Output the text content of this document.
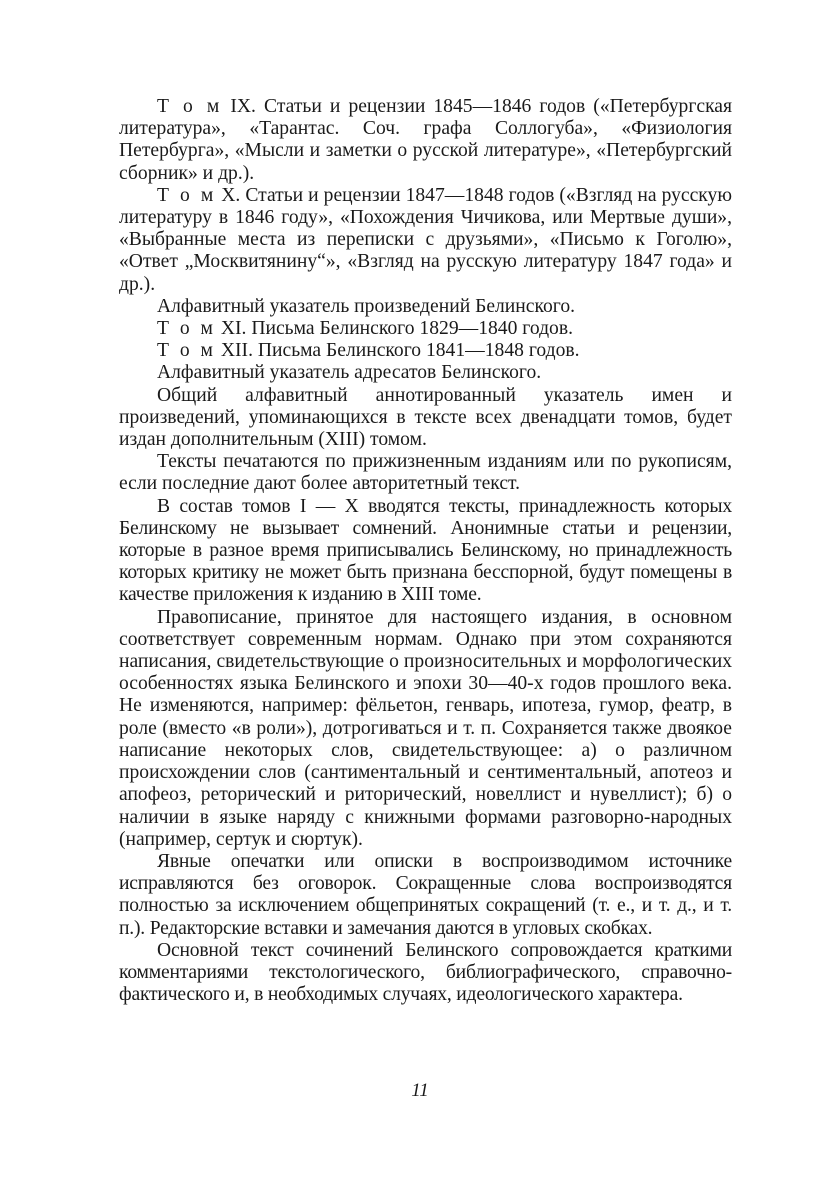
Т о м IX. Статьи и рецензии 1845—1846 годов («Петербургская литература», «Тарантас. Соч. графа Соллогуба», «Физиология Петербурга», «Мысли и заметки о русской литературе», «Петербургский сборник» и др.).

Т о м X. Статьи и рецензии 1847—1848 годов («Взгляд на русскую литературу в 1846 году», «Похождения Чичикова, или Мертвые души», «Выбранные места из переписки с друзьями», «Письмо к Гоголю», «Ответ „Москвитянину“», «Взгляд на русскую литературу 1847 года» и др.).

Алфавитный указатель произведений Белинского.

Т о м XI. Письма Белинского 1829—1840 годов.

Т о м XII. Письма Белинского 1841—1848 годов.

Алфавитный указатель адресатов Белинского.

Общий алфавитный аннотированный указатель имен и произведений, упоминающихся в тексте всех двенадцати томов, будет издан дополнительным (XIII) томом.

Тексты печатаются по прижизненным изданиям или по рукописям, если последние дают более авторитетный текст.

В состав томов I — X вводятся тексты, принадлежность которых Белинскому не вызывает сомнений. Анонимные статьи и рецензии, которые в разное время приписывались Белинскому, но принадлежность которых критику не может быть признана бесспорной, будут помещены в качестве приложения к изданию в XIII томе.

Правописание, принятое для настоящего издания, в основном соответствует современным нормам. Однако при этом сохраняются написания, свидетельствующие о произносительных и морфологических особенностях языка Белинского и эпохи 30—40-х годов прошлого века. Не изменяются, например: фёльетон, генварь, ипотеза, гумор, феатр, в роле (вместо «в роли»), дотрогиваться и т. п. Сохраняется также двоякое написание некоторых слов, свидетельствующее: а) о различном происхождении слов (сантиментальный и сентиментальный, апотеоз и апофеоз, реторический и риторический, новеллист и нувеллист); б) о наличии в языке наряду с книжными формами разговорно-народных (например, сертук и сюртук).

Явные опечатки или описки в воспроизводимом источнике исправляются без оговорок. Сокращенные слова воспроизводятся полностью за исключением общепринятых сокращений (т. е., и т. д., и т. п.). Редакторские вставки и замечания даются в угловых скобках.

Основной текст сочинений Белинского сопровождается краткими комментариями текстологического, библиографического, справочно-фактического и, в необходимых случаях, идеологического характера.

11
